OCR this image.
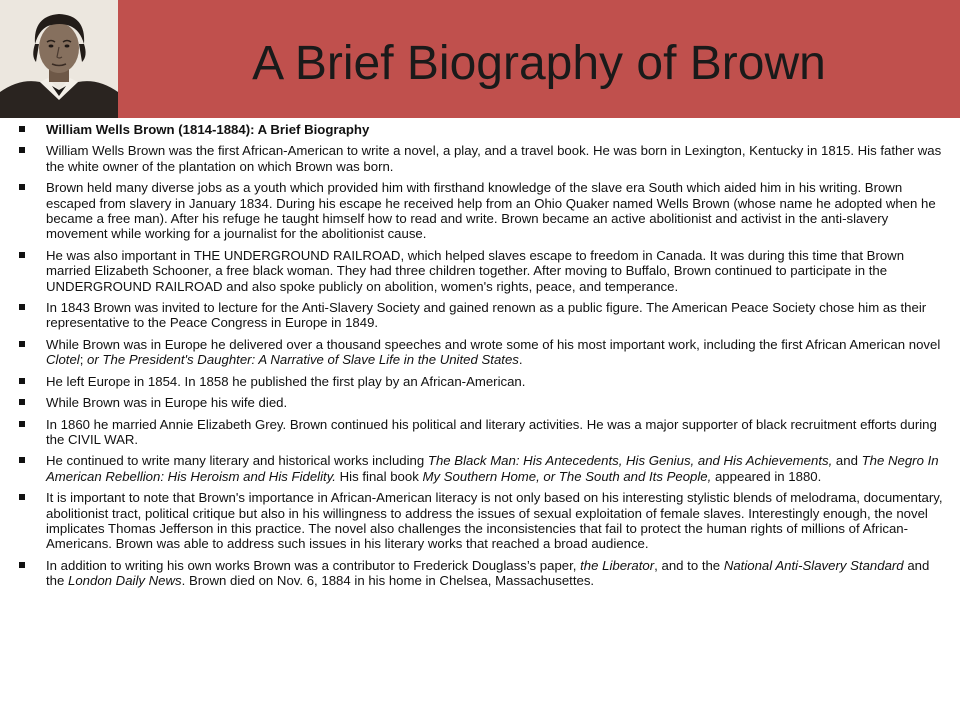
A Brief Biography of Brown
William Wells Brown (1814-1884): A Brief Biography
William Wells Brown was the first African-American to write a novel, a play, and a travel book. He was born in Lexington, Kentucky in 1815. His father was the white owner of the plantation on which Brown was born.
Brown held many diverse jobs as a youth which provided him with firsthand knowledge of the slave era South which aided him in his writing. Brown escaped from slavery in January 1834. During his escape he received help from an Ohio Quaker named Wells Brown (whose name he adopted when he became a free man). After his refuge he taught himself how to read and write. Brown became an active abolitionist and activist in the anti-slavery movement while working for a journalist for the abolitionist cause.
He was also important in THE UNDERGROUND RAILROAD, which helped slaves escape to freedom in Canada. It was during this time that Brown married Elizabeth Schooner, a free black woman. They had three children together. After moving to Buffalo, Brown continued to participate in the UNDERGROUND RAILROAD and also spoke publicly on abolition, women's rights, peace, and temperance.
In 1843 Brown was invited to lecture for the Anti-Slavery Society and gained renown as a public figure. The American Peace Society chose him as their representative to the Peace Congress in Europe in 1849.
While Brown was in Europe he delivered over a thousand speeches and wrote some of his most important work, including the first African American novel Clotel; or The President's Daughter: A Narrative of Slave Life in the United States.
He left Europe in 1854. In 1858 he published the first play by an African-American.
While Brown was in Europe his wife died.
In 1860 he married Annie Elizabeth Grey. Brown continued his political and literary activities. He was a major supporter of black recruitment efforts during the CIVIL WAR.
He continued to write many literary and historical works including The Black Man: His Antecedents, His Genius, and His Achievements, and The Negro In American Rebellion: His Heroism and His Fidelity. His final book My Southern Home, or The South and Its People, appeared in 1880.
It is important to note that Brown's importance in African-American literacy is not only based on his interesting stylistic blends of melodrama, documentary, abolitionist tract, political critique but also in his willingness to address the issues of sexual exploitation of female slaves. Interestingly enough, the novel implicates Thomas Jefferson in this practice. The novel also challenges the inconsistencies that fail to protect the human rights of millions of African-Americans. Brown was able to address such issues in his literary works that reached a broad audience.
In addition to writing his own works Brown was a contributor to Frederick Douglass’s paper, the Liberator, and to the National Anti-Slavery Standard and the London Daily News. Brown died on Nov. 6, 1884 in his home in Chelsea, Massachusettes.
